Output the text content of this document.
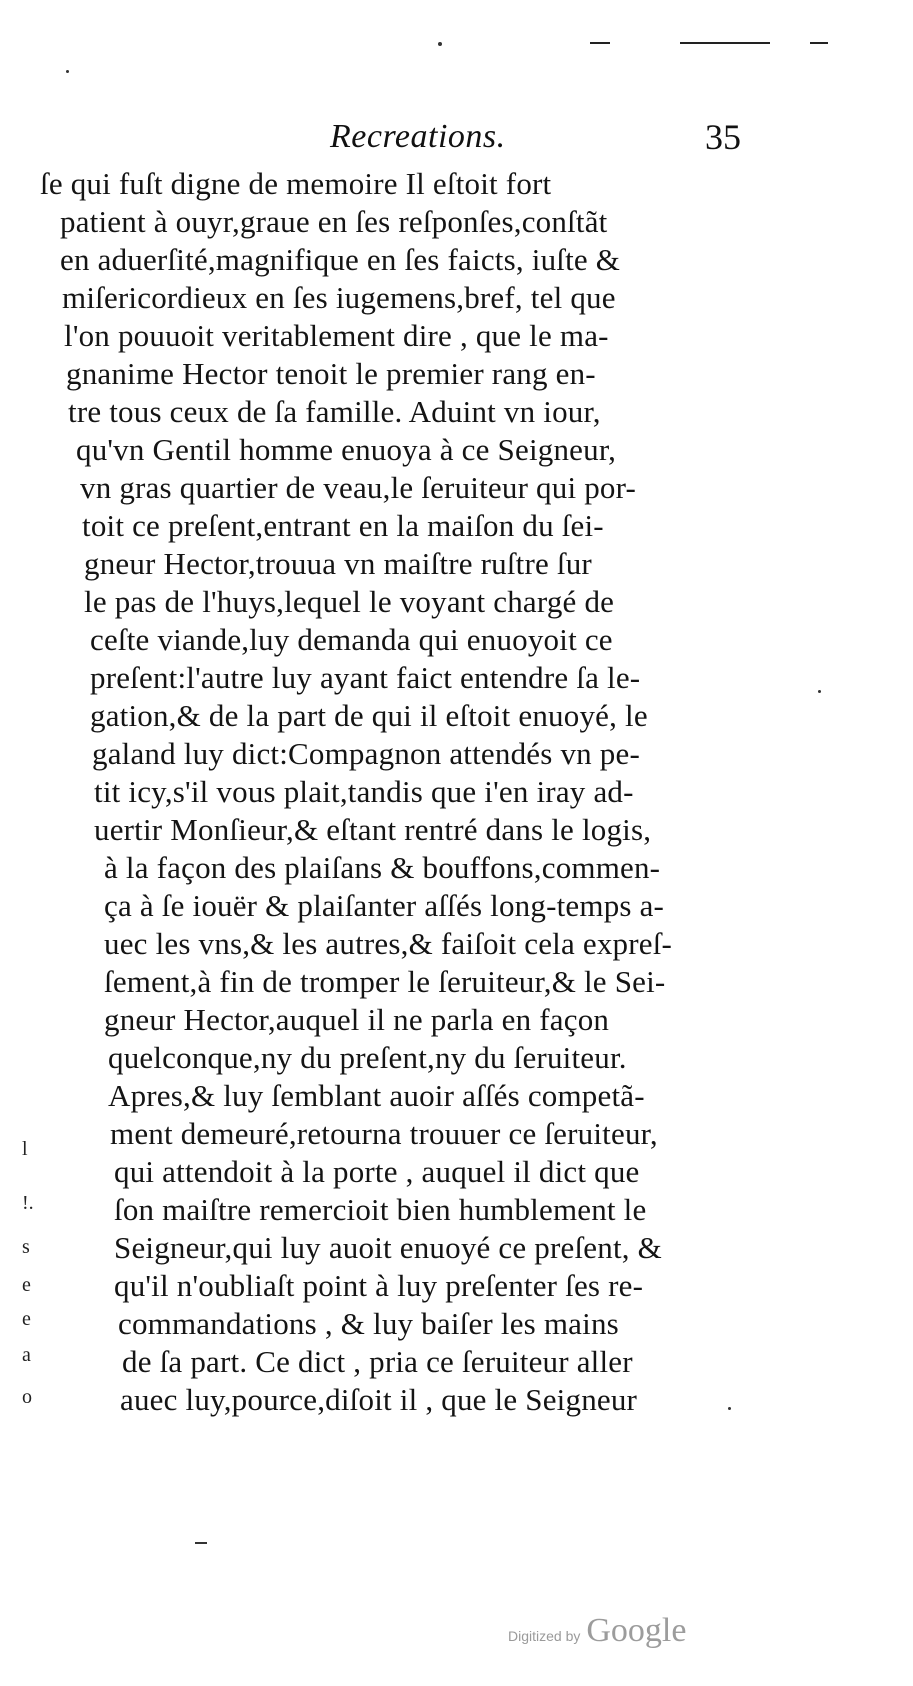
Recreations.	35
ſe qui fuſt digne de memoire Il eſtoit fort
patient à ouyr,graue en ſes reſponſes,conſtãt
en aduerſité,magnifique en ſes faicts, iuſte &
miſericordieux en ſes iugemens,bref, tel que
l'on pouuoit veritablement dire , que le ma-
gnanime Hector tenoit le premier rang en-
tre tous ceux de ſa famille. Aduint vn iour,
qu'vn Gentil homme enuoya à ce Seigneur,
vn gras quartier de veau,le ſeruiteur qui por-
toit ce preſent,entrant en la maiſon du ſei-
gneur Hector,trouua vn maiſtre ruſtre ſur
le pas de l'huys,lequel le voyant chargé de
ceſte viande,luy demanda qui enuoyoit ce
preſent:l'autre luy ayant faict entendre ſa le-
gation,& de la part de qui il eſtoit enuoyé, le
galand luy dict:Compagnon attendés vn pe-
tit icy,s'il vous plait,tandis que i'en iray ad-
uertir Monſieur,& eſtant rentré dans le logis,
à la façon des plaiſans & bouffons,commen-
ça à ſe iouër & plaiſanter aſſés long-temps a-
uec les vns,& les autres,& faiſoit cela expreſ-
ſement,à fin de tromper le ſeruiteur,& le Sei-
gneur Hector,auquel il ne parla en façon
quelconque,ny du preſent,ny du ſeruiteur.
Apres,& luy ſemblant auoir aſſés competã-
ment demeuré,retourna trouuer ce ſeruiteur,
qui attendoit à la porte , auquel il dict que
ſon maiſtre remercioit bien humblement le
Seigneur,qui luy auoit enuoyé ce preſent, &
qu'il n'oubliaſt point à luy preſenter ſes re-
commandations , & luy baiſer les mains
de ſa part. Ce dict , pria ce ſeruiteur aller
auec luy,pource,diſoit il , que le Seigneur
l
!.
s
e
e
a
o
Digitized by Google
